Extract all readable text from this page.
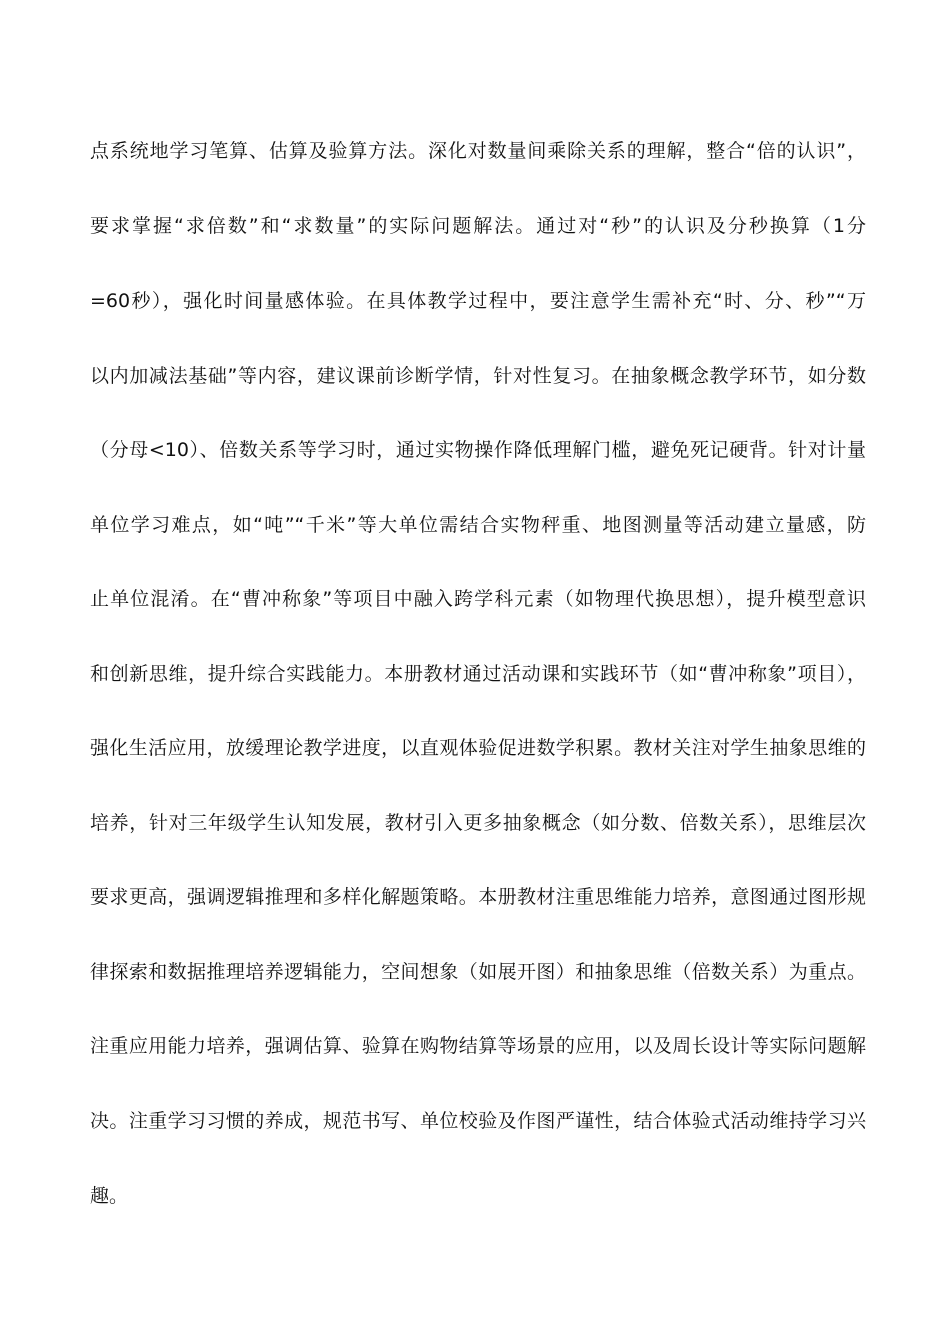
点系统地学习笔算、估算及验算方法。深化对数量间乘除关系的理解，整合“倍的认识”，
要求掌握“求倍数”和“求数量”的实际问题解法。通过对“秒”的认识及分秒换算（1分
=60秒），强化时间量感体验。在具体教学过程中，要注意学生需补充“时、分、秒”“万
以内加减法基础”等内容，建议课前诊断学情，针对性复习。在抽象概念教学环节，如分数
（分母<10）、倍数关系等学习时，通过实物操作降低理解门槛，避免死记硬背。针对计量
单位学习难点，如“吨”“千米”等大单位需结合实物秤重、地图测量等活动建立量感，防
止单位混淆。在“曹冲称象”等项目中融入跨学科元素（如物理代换思想），提升模型意识
和创新思维，提升综合实践能力。本册教材通过活动课和实践环节（如“曹冲称象”项目），
强化生活应用，放缓理论教学进度，以直观体验促进数学积累。教材关注对学生抽象思维的
培养，针对三年级学生认知发展，教材引入更多抽象概念（如分数、倍数关系），思维层次
要求更高，强调逻辑推理和多样化解题策略。本册教材注重思维能力培养，意图通过图形规
律探索和数据推理培养逻辑能力，空间想象（如展开图）和抽象思维（倍数关系）为重点。
注重应用能力培养，强调估算、验算在购物结算等场景的应用，以及周长设计等实际问题解
决。注重学习习惯的养成，规范书写、单位校验及作图严谨性，结合体验式活动维持学习兴
趣。
